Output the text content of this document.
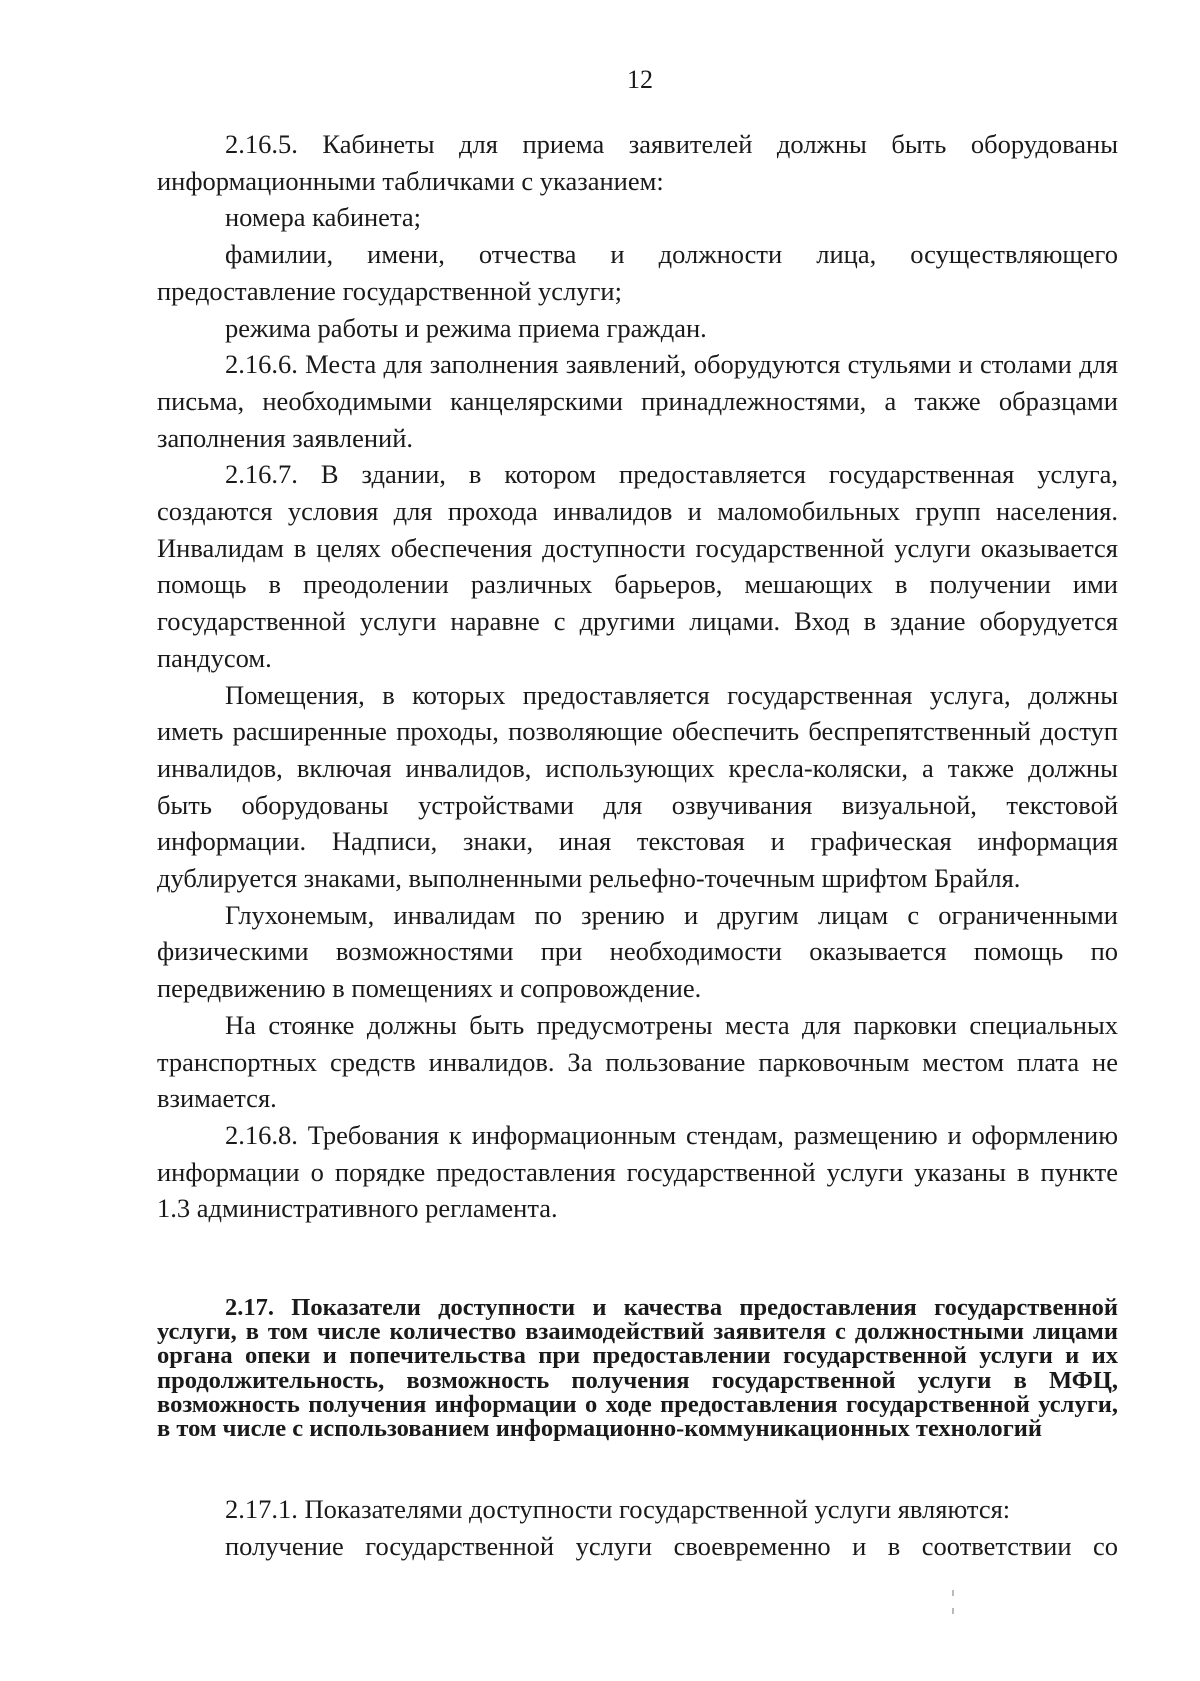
12

2.16.5. Кабинеты для приема заявителей должны быть оборудованы информационными табличками с указанием:

номера кабинета;

фамилии, имени, отчества и должности лица, осуществляющего предоставление государственной услуги;

режима работы и режима приема граждан.

2.16.6. Места для заполнения заявлений, оборудуются стульями и столами для письма, необходимыми канцелярскими принадлежностями, а также образцами заполнения заявлений.

2.16.7. В здании, в котором предоставляется государственная услуга, создаются условия для прохода инвалидов и маломобильных групп населения. Инвалидам в целях обеспечения доступности государственной услуги оказывается помощь в преодолении различных барьеров, мешающих в получении ими государственной услуги наравне с другими лицами. Вход в здание оборудуется пандусом.

Помещения, в которых предоставляется государственная услуга, должны иметь расширенные проходы, позволяющие обеспечить беспрепятственный доступ инвалидов, включая инвалидов, использующих кресла-коляски, а также должны быть оборудованы устройствами для озвучивания визуальной, текстовой информации. Надписи, знаки, иная текстовая и графическая информация дублируется знаками, выполненными рельефно-точечным шрифтом Брайля.

Глухонемым, инвалидам по зрению и другим лицам с ограниченными физическими возможностями при необходимости оказывается помощь по передвижению в помещениях и сопровождение.

На стоянке должны быть предусмотрены места для парковки специальных транспортных средств инвалидов. За пользование парковочным местом плата не взимается.

2.16.8. Требования к информационным стендам, размещению и оформлению информации о порядке предоставления государственной услуги указаны в пункте 1.3 административного регламента.

2.17. Показатели доступности и качества предоставления государственной услуги, в том числе количество взаимодействий заявителя с должностными лицами органа опеки и попечительства при предоставлении государственной услуги и их продолжительность, возможность получения государственной услуги в МФЦ, возможность получения информации о ходе предоставления государственной услуги, в том числе с использованием информационно-коммуникационных технологий

2.17.1. Показателями доступности государственной услуги являются:

получение государственной услуги своевременно и в соответствии со
